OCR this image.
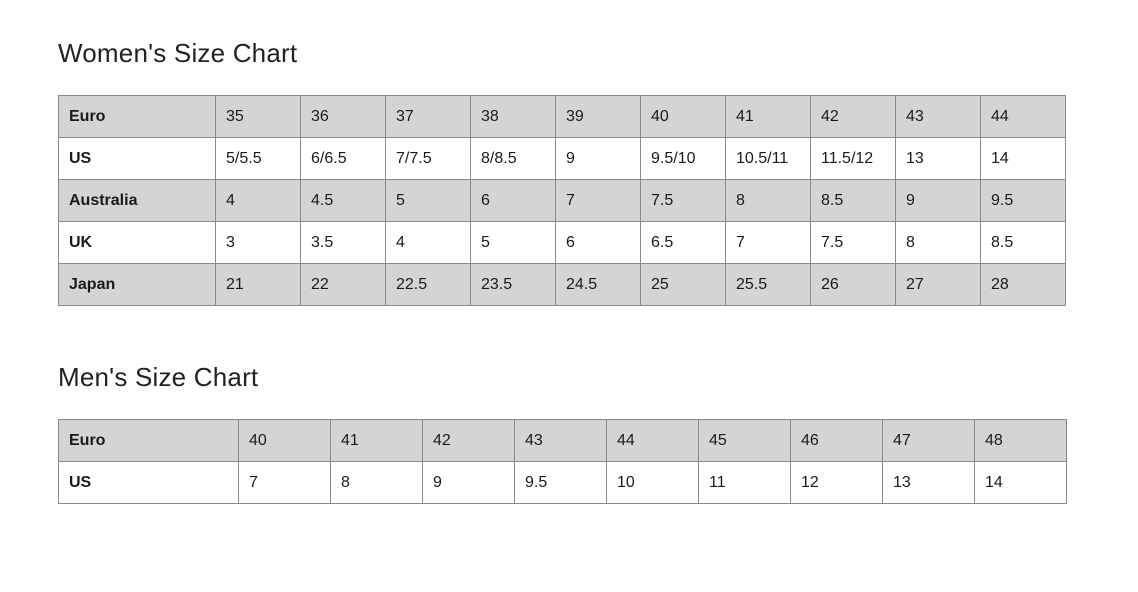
Women's Size Chart
Euro	35	36	37	38	39	40	41	42	43	44
US	5/5.5	6/6.5	7/7.5	8/8.5	9	9.5/10	10.5/11	11.5/12	13	14
Australia	4	4.5	5	6	7	7.5	8	8.5	9	9.5
UK	3	3.5	4	5	6	6.5	7	7.5	8	8.5
Japan	21	22	22.5	23.5	24.5	25	25.5	26	27	28
Men's Size Chart
Euro	40	41	42	43	44	45	46	47	48
US	7	8	9	9.5	10	11	12	13	14
